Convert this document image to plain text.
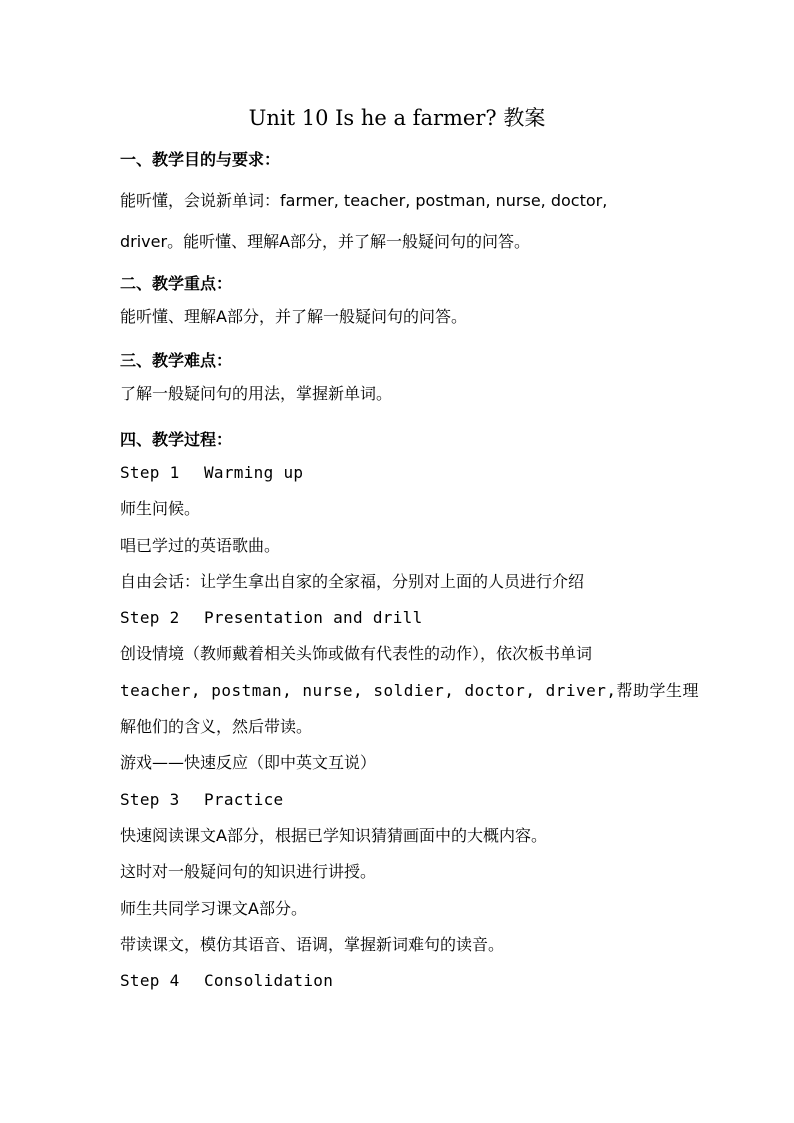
Unit 10 Is he a farmer? 教案
一、教学目的与要求：
能听懂，会说新单词：farmer, teacher, postman, nurse, doctor,
driver。能听懂、理解A部分，并了解一般疑问句的问答。
二、教学重点：
能听懂、理解A部分，并了解一般疑问句的问答。
三、教学难点：
了解一般疑问句的用法，掌握新单词。
四、教学过程：
Step 1 Warming up
师生问候。
唱已学过的英语歌曲。
自由会话：让学生拿出自家的全家福，分别对上面的人员进行介绍
Step 2 Presentation and drill
创设情境（教师戴着相关头饰或做有代表性的动作），依次板书单词
teacher, postman, nurse, soldier, doctor, driver,帮助学生理
解他们的含义，然后带读。
游戏——快速反应（即中英文互说）
Step 3 Practice
快速阅读课文A部分，根据已学知识猜猜画面中的大概内容。
这时对一般疑问句的知识进行讲授。
师生共同学习课文A部分。
带读课文，模仿其语音、语调，掌握新词难句的读音。
Step 4 Consolidation
